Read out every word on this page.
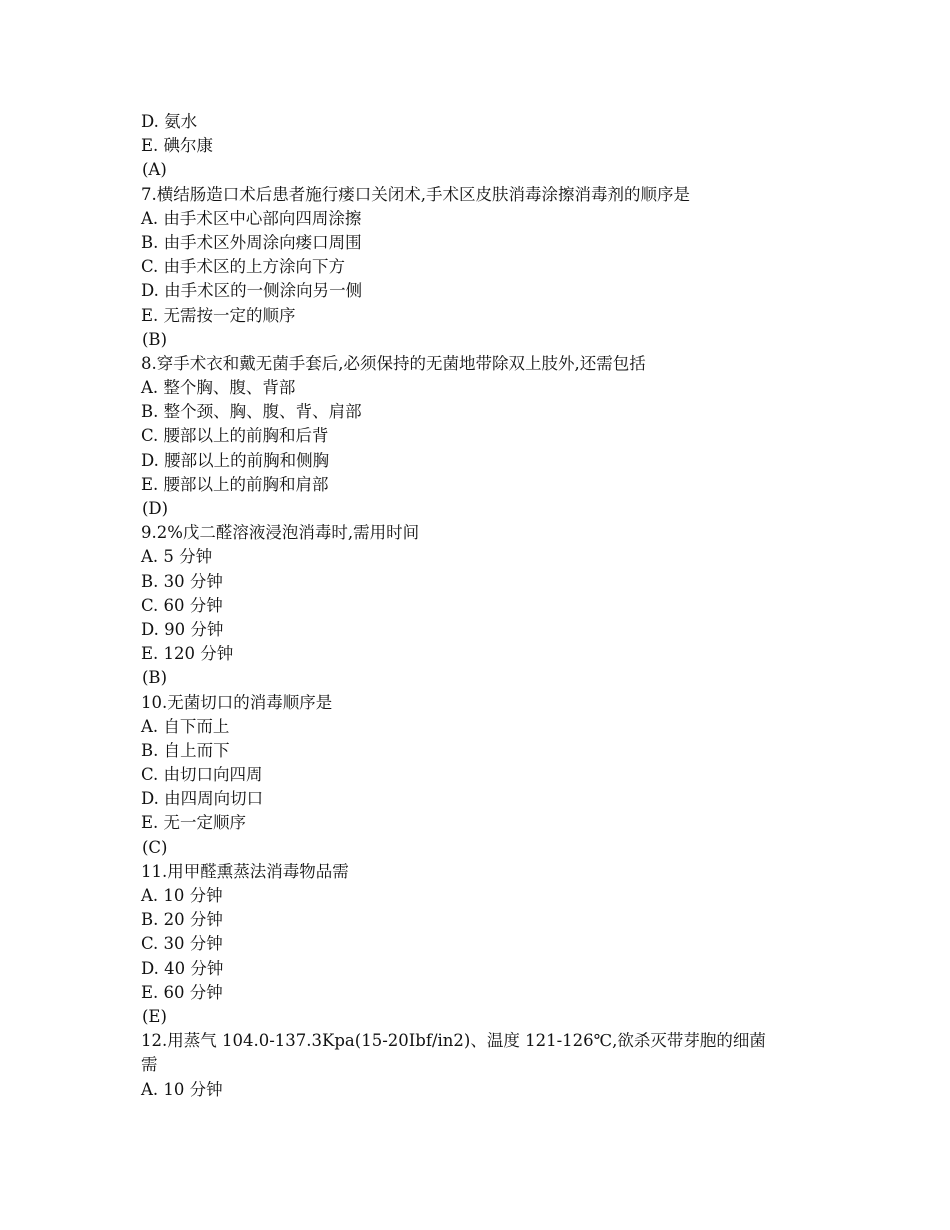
D. 氨水
E. 碘尔康
(A)
7.横结肠造口术后患者施行瘘口关闭术,手术区皮肤消毒涂擦消毒剂的顺序是
A. 由手术区中心部向四周涂擦
B. 由手术区外周涂向瘘口周围
C. 由手术区的上方涂向下方
D. 由手术区的一侧涂向另一侧
E. 无需按一定的顺序
(B)
8.穿手术衣和戴无菌手套后,必须保持的无菌地带除双上肢外,还需包括
A. 整个胸、腹、背部
B. 整个颈、胸、腹、背、肩部
C. 腰部以上的前胸和后背
D. 腰部以上的前胸和侧胸
E. 腰部以上的前胸和肩部
(D)
9.2%戊二醛溶液浸泡消毒时,需用时间
A. 5 分钟
B. 30 分钟
C. 60 分钟
D. 90 分钟
E. 120 分钟
(B)
10.无菌切口的消毒顺序是
A. 自下而上
B. 自上而下
C. 由切口向四周
D. 由四周向切口
E. 无一定顺序
(C)
11.用甲醛熏蒸法消毒物品需
A. 10 分钟
B. 20 分钟
C. 30 分钟
D. 40 分钟
E. 60 分钟
(E)
12.用蒸气 104.0-137.3Kpa(15-20Ibf/in2)、温度 121-126℃,欲杀灭带芽胞的细菌
需
A. 10 分钟
